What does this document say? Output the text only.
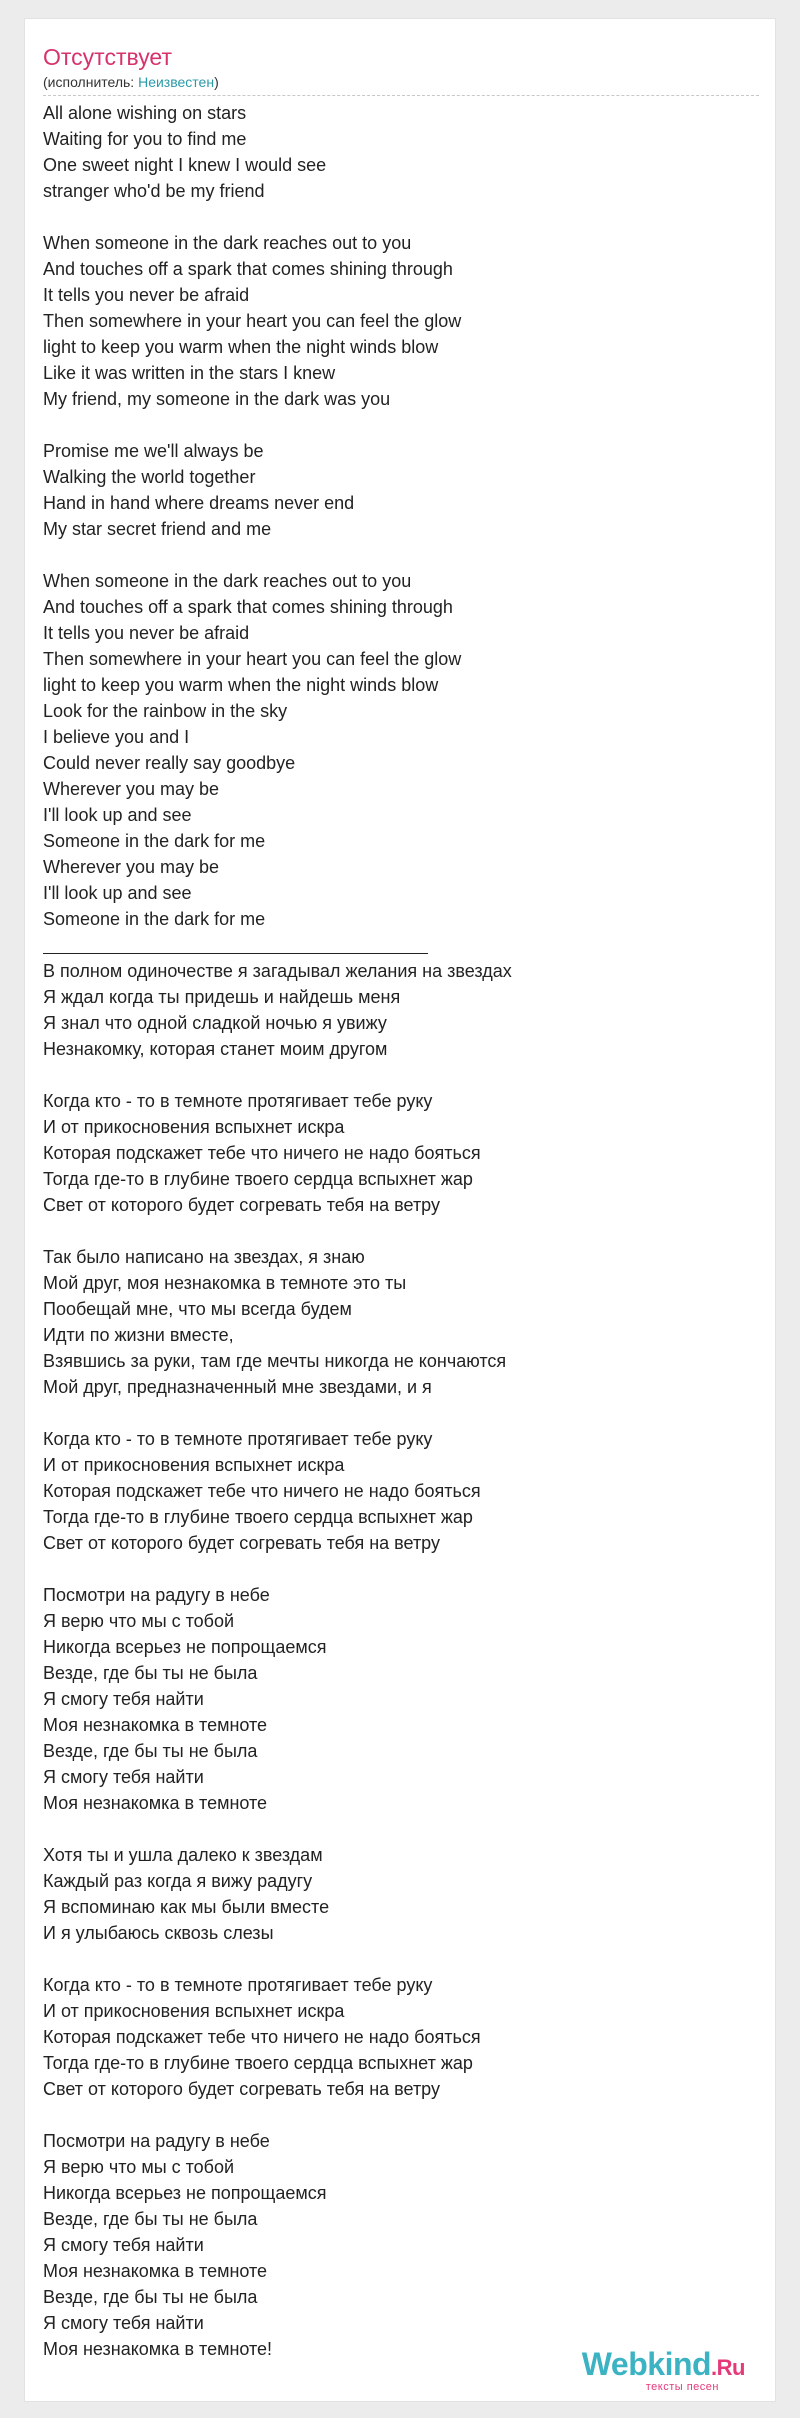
Отсутствует
(исполнитель: Неизвестен)
All alone wishing on stars
Waiting for you to find me
One sweet night I knew I would see
stranger who'd be my friend
When someone in the dark reaches out to you
And touches off a spark that comes shining through
It tells you never be afraid
Then somewhere in your heart you can feel the glow
light to keep you warm when the night winds blow
Like it was written in the stars I knew
My friend, my someone in the dark was you
Promise me we'll always be
Walking the world together
Hand in hand where dreams never end
My star secret friend and me
When someone in the dark reaches out to you
And touches off a spark that comes shining through
It tells you never be afraid
Then somewhere in your heart you can feel the glow
light to keep you warm when the night winds blow
Look for the rainbow in the sky
I believe you and I
Could never really say goodbye
Wherever you may be
I'll look up and see
Someone in the dark for me
Wherever you may be
I'll look up and see
Someone in the dark for me
В полном одиночестве я загадывал желания на звездах
Я ждал когда ты придешь и найдешь меня
Я знал что одной сладкой ночью я увижу
Незнакомку, которая станет моим другом
Когда кто - то в темноте протягивает тебе руку
И от прикосновения вспыхнет искра
Которая подскажет тебе что ничего не надо бояться
Тогда где-то в глубине твоего сердца вспыхнет жар
Свет от которого будет согревать тебя на ветру
Так было написано на звездах, я знаю
Мой друг, моя незнакомка в темноте это ты
Пообещай мне, что мы всегда будем
Идти по жизни вместе,
Взявшись за руки, там где мечты никогда не кончаются
Мой друг, предназначенный мне звездами, и я
Когда кто - то в темноте протягивает тебе руку
И от прикосновения вспыхнет искра
Которая подскажет тебе что ничего не надо бояться
Тогда где-то в глубине твоего сердца вспыхнет жар
Свет от которого будет согревать тебя на ветру
Посмотри на радугу в небе
Я верю что мы с тобой
Никогда всерьез не попрощаемся
Везде, где бы ты не была
Я смогу тебя найти
Моя незнакомка в темноте
Везде, где бы ты не была
Я смогу тебя найти
Моя незнакомка в темноте
Хотя ты и ушла далеко к звездам
Каждый раз когда я вижу радугу
Я вспоминаю как мы были вместе
И я улыбаюсь сквозь слезы
Когда кто - то в темноте протягивает тебе руку
И от прикосновения вспыхнет искра
Которая подскажет тебе что ничего не надо бояться
Тогда где-то в глубине твоего сердца вспыхнет жар
Свет от которого будет согревать тебя на ветру
Посмотри на радугу в небе
Я верю что мы с тобой
Никогда всерьез не попрощаемся
Везде, где бы ты не была
Я смогу тебя найти
Моя незнакомка в темноте
Везде, где бы ты не была
Я смогу тебя найти
Моя незнакомка в темноте!	Webkind.Ru
тексты песен
